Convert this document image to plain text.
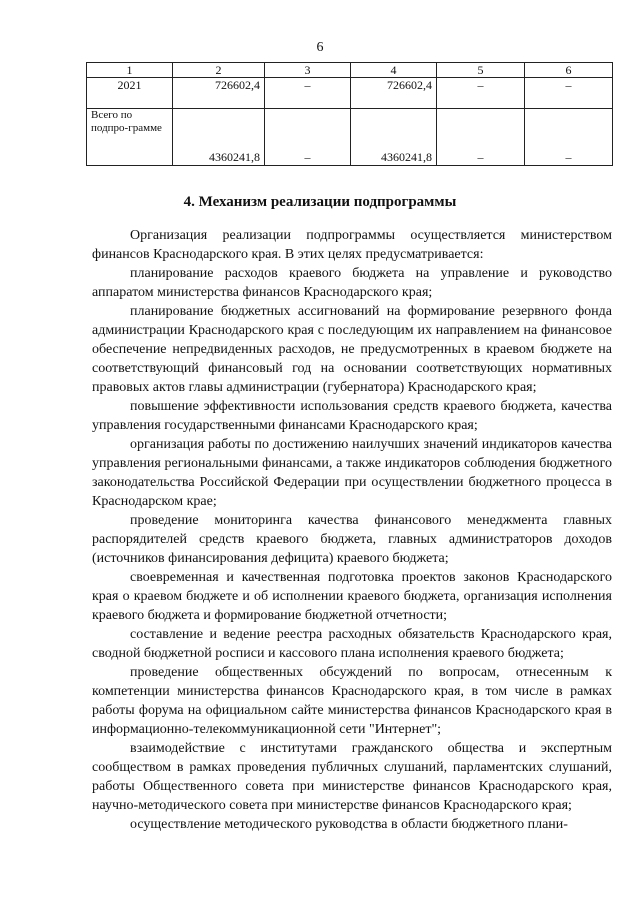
6
1	2	3	4	5	6
2021	726602,4	–	726602,4	–	–

Всего по подпро-грамме	4360241,8	–	4360241,8	–	–
4. Механизм реализации подпрограммы

Организация реализации подпрограммы осуществляется министерством финансов Краснодарского края. В этих целях предусматривается:

планирование расходов краевого бюджета на управление и руководство аппаратом министерства финансов Краснодарского края;

планирование бюджетных ассигнований на формирование резервного фонда администрации Краснодарского края с последующим их направлением на финансовое обеспечение непредвиденных расходов, не предусмотренных в краевом бюджете на соответствующий финансовый год на основании соответствующих нормативных правовых актов главы администрации (губернатора) Краснодарского края;

повышение эффективности использования средств краевого бюджета, качества управления государственными финансами Краснодарского края;

организация работы по достижению наилучших значений индикаторов качества управления региональными финансами, а также индикаторов соблюдения бюджетного законодательства Российской Федерации при осуществлении бюджетного процесса в Краснодарском крае;

проведение мониторинга качества финансового менеджмента главных распорядителей средств краевого бюджета, главных администраторов доходов (источников финансирования дефицита) краевого бюджета;

своевременная и качественная подготовка проектов законов Краснодарского края о краевом бюджете и об исполнении краевого бюджета, организация исполнения краевого бюджета и формирование бюджетной отчетности;

составление и ведение реестра расходных обязательств Краснодарского края, сводной бюджетной росписи и кассового плана исполнения краевого бюджета;

проведение общественных обсуждений по вопросам, отнесенным к компетенции министерства финансов Краснодарского края, в том числе в рамках работы форума на официальном сайте министерства финансов Краснодарского края в информационно-телекоммуникационной сети "Интернет";

взаимодействие с институтами гражданского общества и экспертным сообществом в рамках проведения публичных слушаний, парламентских слушаний, работы Общественного совета при министерстве финансов Краснодарского края, научно-методического совета при министерстве финансов Краснодарского края;

осуществление методического руководства в области бюджетного плани-
